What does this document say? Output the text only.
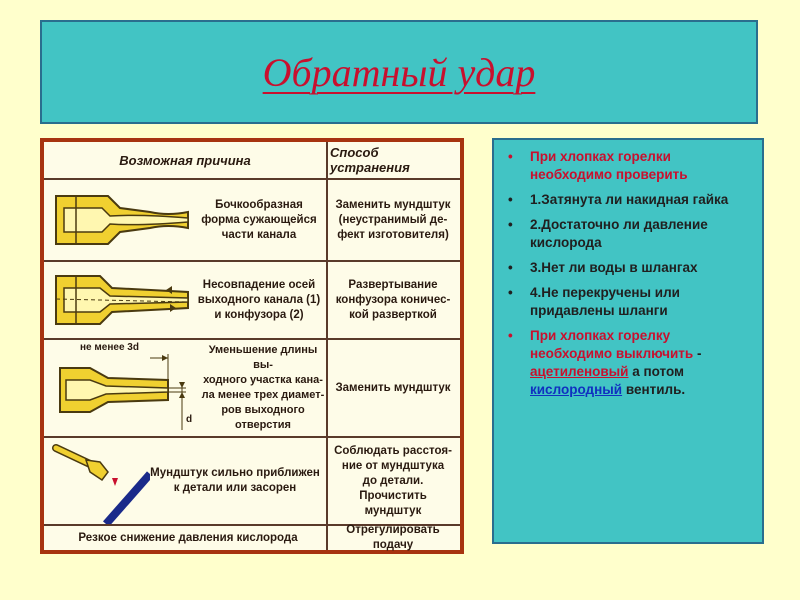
Обратный удар
Возможная причина	Способ устранения
Бочкообразная
форма сужающейся
части канала
Заменить мундштук
(неустранимый де-
фект изготовителя)
Несовпадение осей
выходного канала (1)
и конфузора (2)
Развертывание
конфузора коничес-
кой разверткой
не менее 3d
d
Уменьшение длины вы-
ходного участка кана-
ла менее трех диамет-
ров выходного отверстия
Заменить мундштук
Мундштук сильно приближен
к детали или засорен
Соблюдать расстоя-
ние от мундштука
до детали.
Прочистить мундштук
Резкое снижение давления кислорода
Отрегулировать подачу
• При хлопках горелки необходимо проверить
• 1.Затянута ли накидная гайка
• 2.Достаточно ли давление кислорода
• 3.Нет ли воды в шлангах
• 4.Не перекручены или придавлены шланги
• При хлопках горелку необходимо выключить - ацетиленовый а потом кислородный вентиль.
